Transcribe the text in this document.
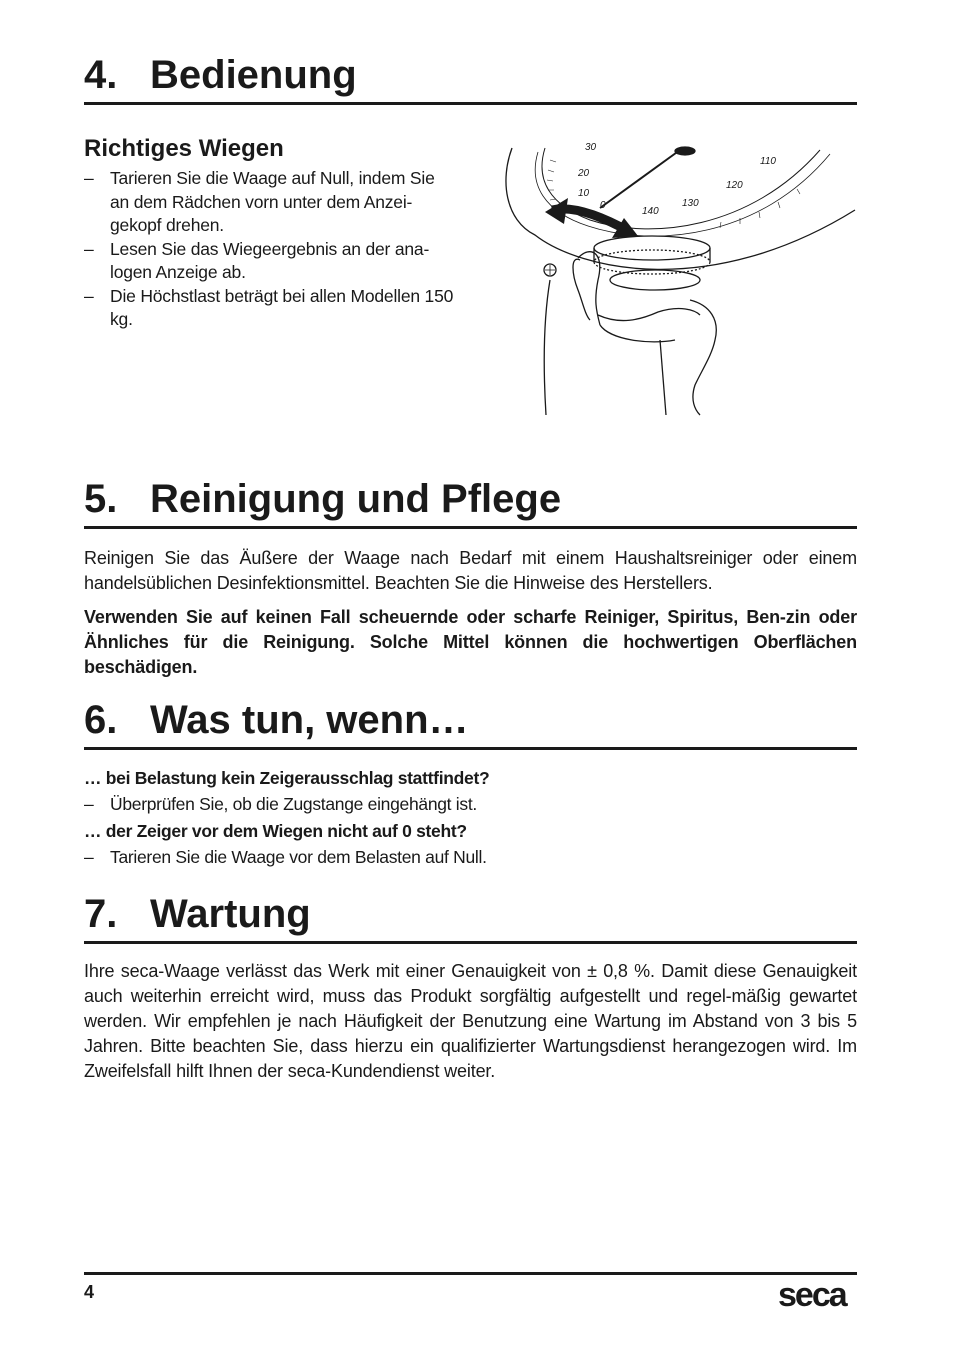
4. Bedienung
Richtiges Wiegen
– Tarieren Sie die Waage auf Null, indem Sie an dem Rädchen vorn unter dem Anzei-gekopf drehen.
– Lesen Sie das Wiegeergebnis an der ana-logen Anzeige ab.
– Die Höchstlast beträgt bei allen Modellen 150 kg.
30
20
10
0
140
130
120
110
5. Reinigung und Pflege

Reinigen Sie das Äußere der Waage nach Bedarf mit einem Haushaltsreiniger oder einem handelsüblichen Desinfektionsmittel. Beachten Sie die Hinweise des Herstellers.

Verwenden Sie auf keinen Fall scheuernde oder scharfe Reiniger, Spiritus, Ben-zin oder Ähnliches für die Reinigung. Solche Mittel können die hochwertigen Oberflächen beschädigen.

6. Was tun, wenn…
… bei Belastung kein Zeigerausschlag stattfindet?
– Überprüfen Sie, ob die Zugstange eingehängt ist.
… der Zeiger vor dem Wiegen nicht auf 0 steht?
– Tarieren Sie die Waage vor dem Belasten auf Null.
7. Wartung

Ihre seca-Waage verlässt das Werk mit einer Genauigkeit von ± 0,8 %. Damit diese Genauigkeit auch weiterhin erreicht wird, muss das Produkt sorgfältig aufgestellt und regel-mäßig gewartet werden. Wir empfehlen je nach Häufigkeit der Benutzung eine Wartung im Abstand von 3 bis 5 Jahren. Bitte beachten Sie, dass hierzu ein qualifizierter Wartungsdienst herangezogen wird. Im Zweifelsfall hilft Ihnen der seca-Kundendienst weiter.

4	seca
